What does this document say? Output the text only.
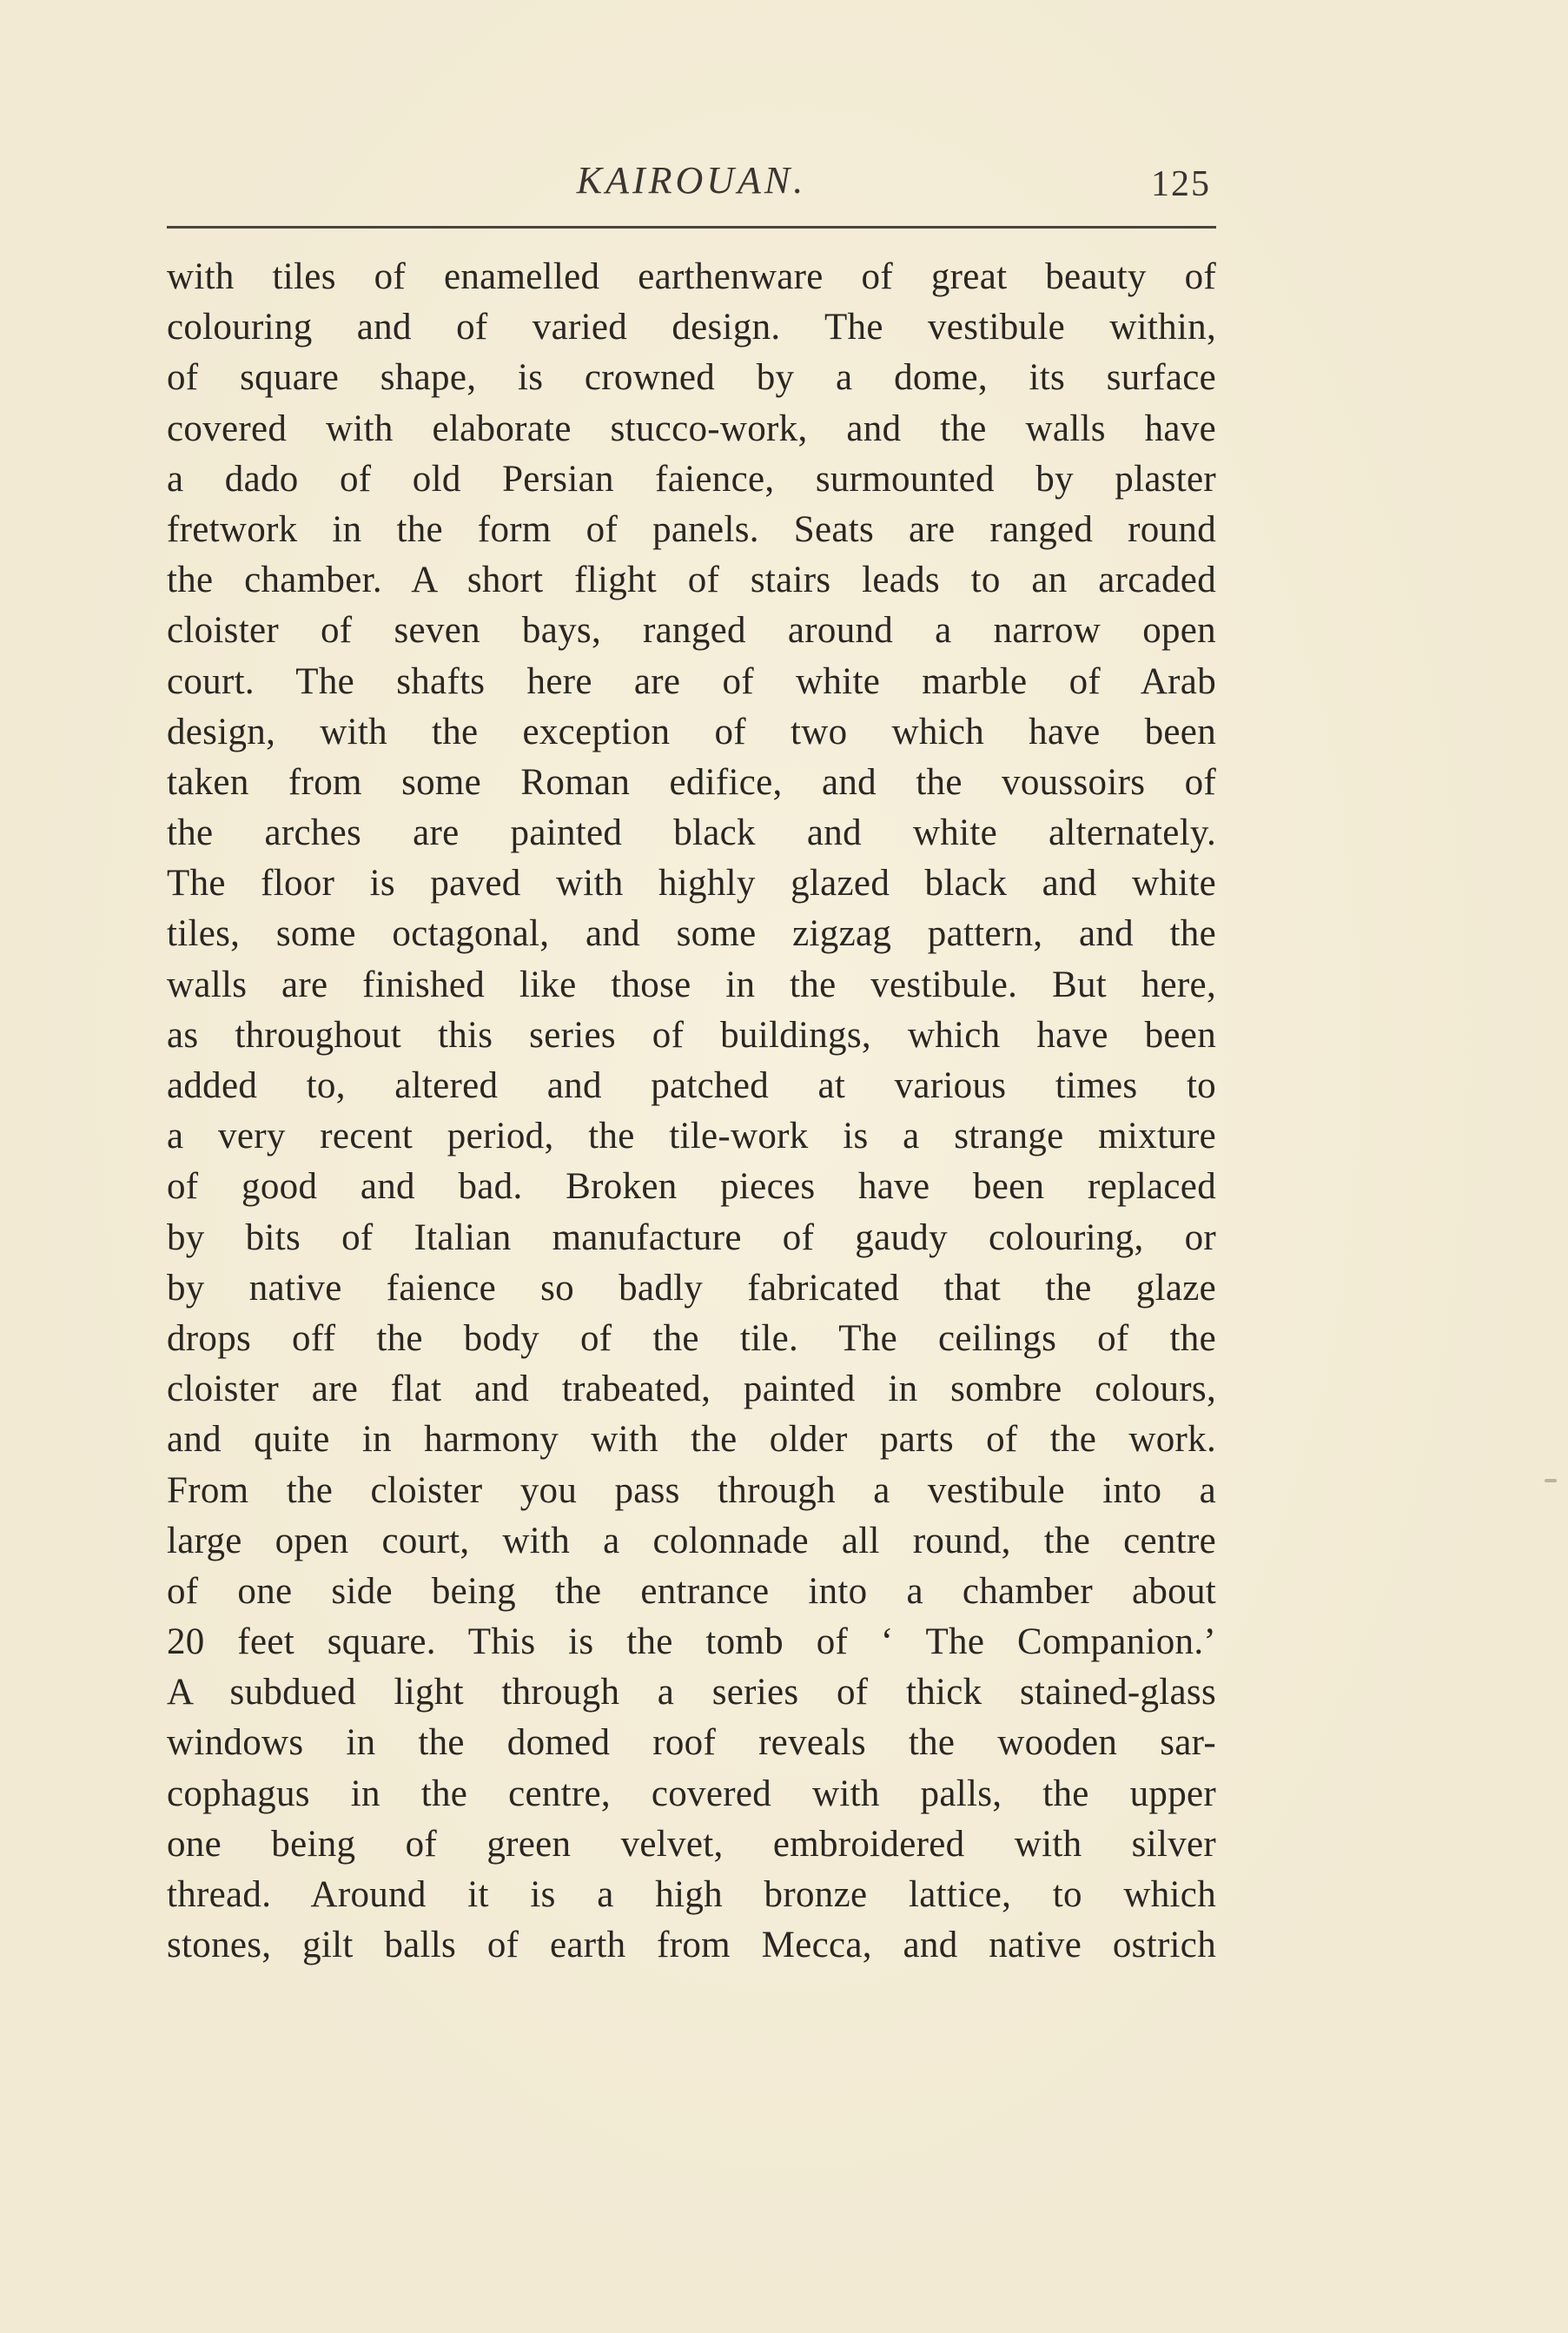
KAIROUAN.	125
with tiles of enamelled earthenware of great beauty of
colouring and of varied design. The vestibule within,
of square shape, is crowned by a dome, its surface
covered with elaborate stucco-work, and the walls have
a dado of old Persian faience, surmounted by plaster
fretwork in the form of panels. Seats are ranged round
the chamber. A short flight of stairs leads to an arcaded
cloister of seven bays, ranged around a narrow open
court. The shafts here are of white marble of Arab
design, with the exception of two which have been
taken from some Roman edifice, and the voussoirs of
the arches are painted black and white alternately.
The floor is paved with highly glazed black and white
tiles, some octagonal, and some zigzag pattern, and the
walls are finished like those in the vestibule. But here,
as throughout this series of buildings, which have been
added to, altered and patched at various times to
a very recent period, the tile-work is a strange mixture
of good and bad. Broken pieces have been replaced
by bits of Italian manufacture of gaudy colouring, or
by native faience so badly fabricated that the glaze
drops off the body of the tile. The ceilings of the
cloister are flat and trabeated, painted in sombre colours,
and quite in harmony with the older parts of the work.
From the cloister you pass through a vestibule into a
large open court, with a colonnade all round, the centre
of one side being the entrance into a chamber about
20 feet square. This is the tomb of ‘ The Companion.’
A subdued light through a series of thick stained-glass
windows in the domed roof reveals the wooden sar-
cophagus in the centre, covered with palls, the upper
one being of green velvet, embroidered with silver
thread. Around it is a high bronze lattice, to which
stones, gilt balls of earth from Mecca, and native ostrich
